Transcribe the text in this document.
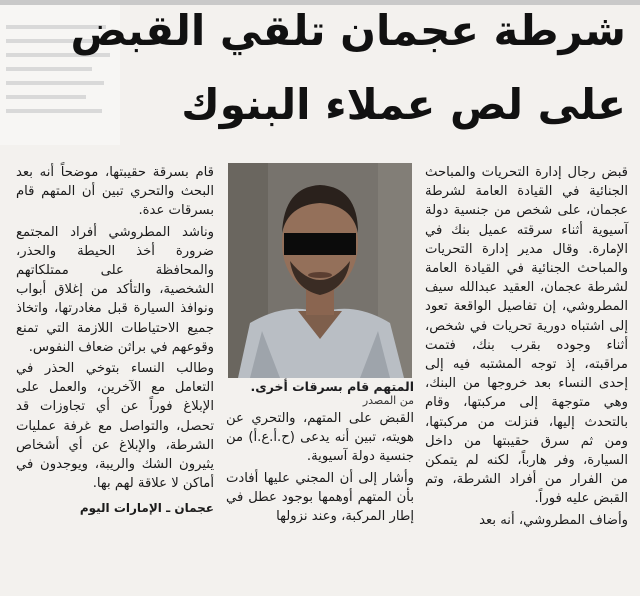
شرطة عجمان تلقي القبض
على لص عملاء البنوك

قبض رجال إدارة التحريات والمباحث الجنائية في القيادة العامة لشرطة عجمان، على شخص من جنسية دولة آسيوية أثناء سرقته عميل بنك في الإمارة. وقال مدير إدارة التحريات والمباحث الجنائية في القيادة العامة لشرطة عجمان، العقيد عبدالله سيف المطروشي، إن تفاصيل الواقعة تعود إلى اشتباه دورية تحريات في شخص، أثناء وجوده بقرب بنك، فتمت مراقبته، إذ توجه المشتبه فيه إلى إحدى النساء بعد خروجها من البنك، وهي متوجهة إلى مركبتها، وقام بالتحدث إليها، فنزلت من مركبتها، ومن ثم سرق حقيبتها من داخل السيارة، وفر هارباً، لكنه لم يتمكن من الفرار من أفراد الشرطة، وتم القبض عليه فوراً.

وأضاف المطروشي، أنه بعد

المتهم قام بسرقات أخرى.
من المصدر

القبض على المتهم، والتحري عن هويته، تبين أنه يدعى (ح.أ.ع.أ) من جنسية دولة آسيوية.

وأشار إلى أن المجني عليها أفادت بأن المتهم أوهمها بوجود عطل في إطار المركبة، وعند نزولها

قام بسرقة حقيبتها، موضحاً أنه بعد البحث والتحري تبين أن المتهم قام بسرقات عدة.

وناشد المطروشي أفراد المجتمع ضرورة أخذ الحيطة والحذر، والمحافظة على ممتلكاتهم الشخصية، والتأكد من إغلاق أبواب ونوافذ السيارة قبل مغادرتها، واتخاذ جميع الاحتياطات اللازمة التي تمنع وقوعهم في براثن ضعاف النفوس.

وطالب النساء بتوخي الحذر في التعامل مع الآخرين، والعمل على الإبلاغ فوراً عن أي تجاوزات قد تحصل، والتواصل مع غرفة عمليات الشرطة، والإبلاغ عن أي أشخاص يثيرون الشك والريبة، ويوجدون في أماكن لا علاقة لهم بها.

عجمان ـ الإمارات اليوم
